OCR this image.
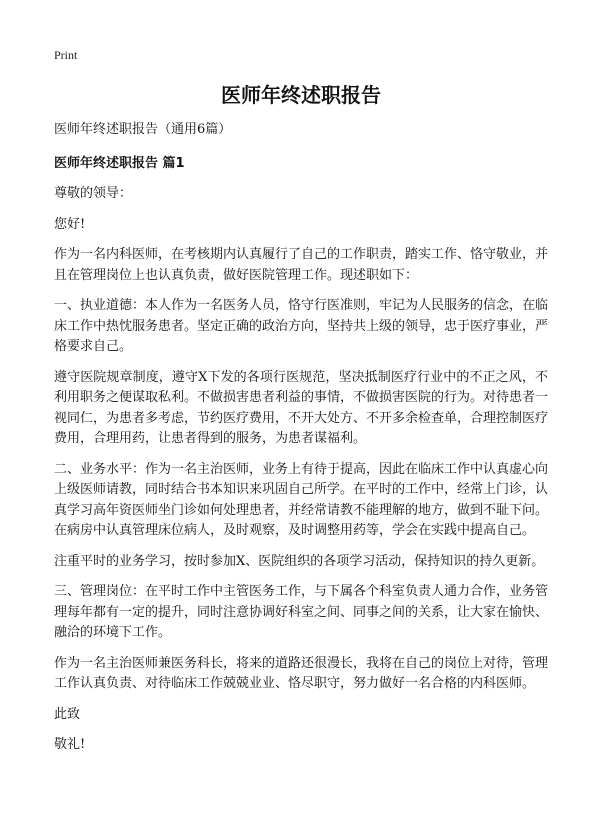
Print
医师年终述职报告

医师年终述职报告（通用6篇）

医师年终述职报告 篇1

尊敬的领导：

您好!

作为一名内科医师，在考核期内认真履行了自己的工作职责，踏实工作、恪守敬业，并且在管理岗位上也认真负责，做好医院管理工作。现述职如下：

一、执业道德：本人作为一名医务人员，恪守行医准则，牢记为人民服务的信念，在临床工作中热忱服务患者。坚定正确的政治方向，坚持共上级的领导，忠于医疗事业，严格要求自己。

遵守医院规章制度，遵守X下发的各项行医规范，坚决抵制医疗行业中的不正之风，不利用职务之便谋取私利。不做损害患者利益的事情，不做损害医院的行为。对待患者一视同仁，为患者多考虑，节约医疗费用，不开大处方、不开多余检查单，合理控制医疗费用，合理用药，让患者得到的服务，为患者谋福利。

二、业务水平：作为一名主治医师，业务上有待于提高，因此在临床工作中认真虚心向上级医师请教，同时结合书本知识来巩固自己所学。在平时的工作中，经常上门诊，认真学习高年资医师坐门诊如何处理患者，并经常请教不能理解的地方，做到不耻下问。在病房中认真管理床位病人，及时观察，及时调整用药等，学会在实践中提高自己。

注重平时的业务学习，按时参加X、医院组织的各项学习活动，保持知识的持久更新。

三、管理岗位：在平时工作中主管医务工作，与下属各个科室负责人通力合作，业务管理每年都有一定的提升，同时注意协调好科室之间、同事之间的关系，让大家在愉快、融洽的环境下工作。

作为一名主治医师兼医务科长，将来的道路还很漫长，我将在自己的岗位上对待，管理工作认真负责、对待临床工作兢兢业业、恪尽职守，努力做好一名合格的内科医师。

此致

敬礼!
